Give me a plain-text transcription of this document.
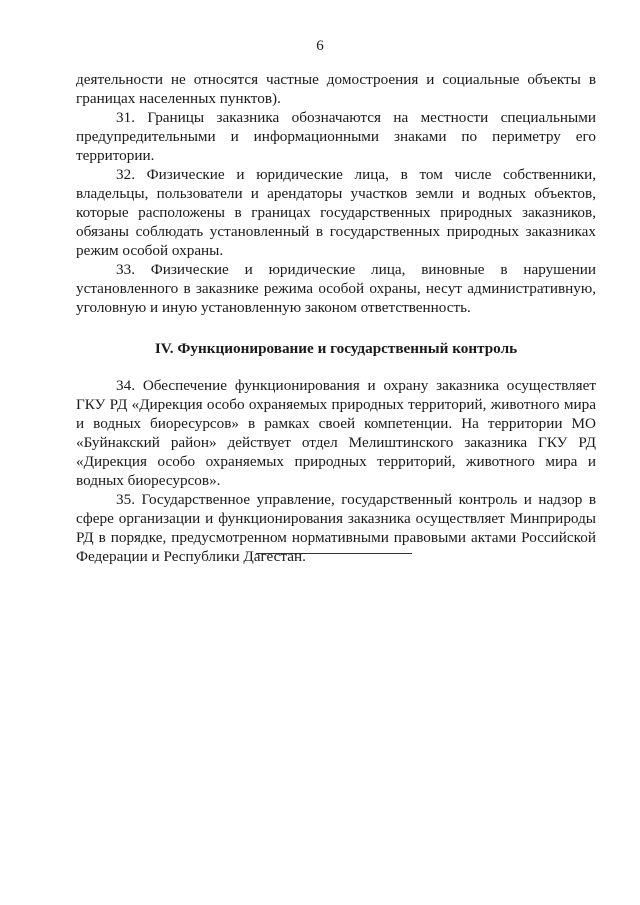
6

деятельности не относятся частные домостроения и социальные объекты в границах населенных пунктов).

31. Границы заказника обозначаются на местности специальными предупредительными и информационными знаками по периметру его территории.

32. Физические и юридические лица, в том числе собственники, владельцы, пользователи и арендаторы участков земли и водных объектов, которые расположены в границах государственных природных заказников, обязаны соблюдать установленный в государственных природных заказниках режим особой охраны.

33. Физические и юридические лица, виновные в нарушении установленного в заказнике режима особой охраны, несут административную, уголовную и иную установленную законом ответственность.

IV. Функционирование и государственный контроль

34. Обеспечение функционирования и охрану заказника осуществляет ГКУ РД «Дирекция особо охраняемых природных территорий, животного мира и водных биоресурсов» в рамках своей компетенции. На территории МО «Буйнакский район» действует отдел Мелиштинского заказника ГКУ РД «Дирекция особо охраняемых природных территорий, животного мира и водных биоресурсов».

35. Государственное управление, государственный контроль и надзор в сфере организации и функционирования заказника осуществляет Минприроды РД в порядке, предусмотренном нормативными правовыми актами Российской Федерации и Республики Дагестан.
